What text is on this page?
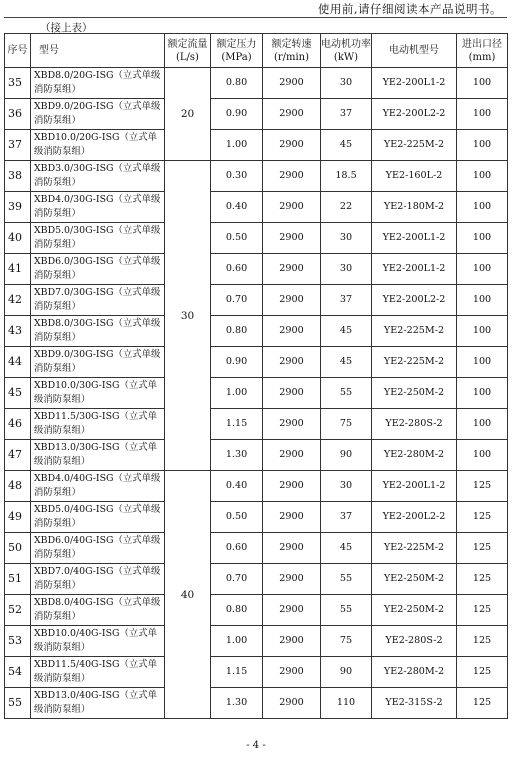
使用前,请仔细阅读本产品说明书。
（接上表）
序号	型号	额定流量(L/s)	额定压力(MPa)	额定转速(r/min)	电动机功率(kW)	电动机型号	进出口径(mm)
35	XBD8.0/20G-ISG（立式单级消防泵组）	20	0.80	2900	30	YE2-200L1-2	100
36	XBD9.0/20G-ISG（立式单级消防泵组）		0.90	2900	37	YE2-200L2-2	100
37	XBD10.0/20G-ISG（立式单级消防泵组）		1.00	2900	45	YE2-225M-2	100
38	XBD3.0/30G-ISG（立式单级消防泵组）	30	0.30	2900	18.5	YE2-160L-2	100
39	XBD4.0/30G-ISG（立式单级消防泵组）		0.40	2900	22	YE2-180M-2	100
40	XBD5.0/30G-ISG（立式单级消防泵组）		0.50	2900	30	YE2-200L1-2	100
41	XBD6.0/30G-ISG（立式单级消防泵组）		0.60	2900	30	YE2-200L1-2	100
42	XBD7.0/30G-ISG（立式单级消防泵组）		0.70	2900	37	YE2-200L2-2	100
43	XBD8.0/30G-ISG（立式单级消防泵组）		0.80	2900	45	YE2-225M-2	100
44	XBD9.0/30G-ISG（立式单级消防泵组）		0.90	2900	45	YE2-225M-2	100
45	XBD10.0/30G-ISG（立式单级消防泵组）		1.00	2900	55	YE2-250M-2	100
46	XBD11.5/30G-ISG（立式单级消防泵组）		1.15	2900	75	YE2-280S-2	100
47	XBD13.0/30G-ISG（立式单级消防泵组）		1.30	2900	90	YE2-280M-2	100
48	XBD4.0/40G-ISG（立式单级消防泵组）	40	0.40	2900	30	YE2-200L1-2	125
49	XBD5.0/40G-ISG（立式单级消防泵组）		0.50	2900	37	YE2-200L2-2	125
50	XBD6.0/40G-ISG（立式单级消防泵组）		0.60	2900	45	YE2-225M-2	125
51	XBD7.0/40G-ISG（立式单级消防泵组）		0.70	2900	55	YE2-250M-2	125
52	XBD8.0/40G-ISG（立式单级消防泵组）		0.80	2900	55	YE2-250M-2	125
53	XBD10.0/40G-ISG（立式单级消防泵组）		1.00	2900	75	YE2-280S-2	125
54	XBD11.5/40G-ISG（立式单级消防泵组）		1.15	2900	90	YE2-280M-2	125
55	XBD13.0/40G-ISG（立式单级消防泵组）		1.30	2900	110	YE2-315S-2	125
- 4 -
